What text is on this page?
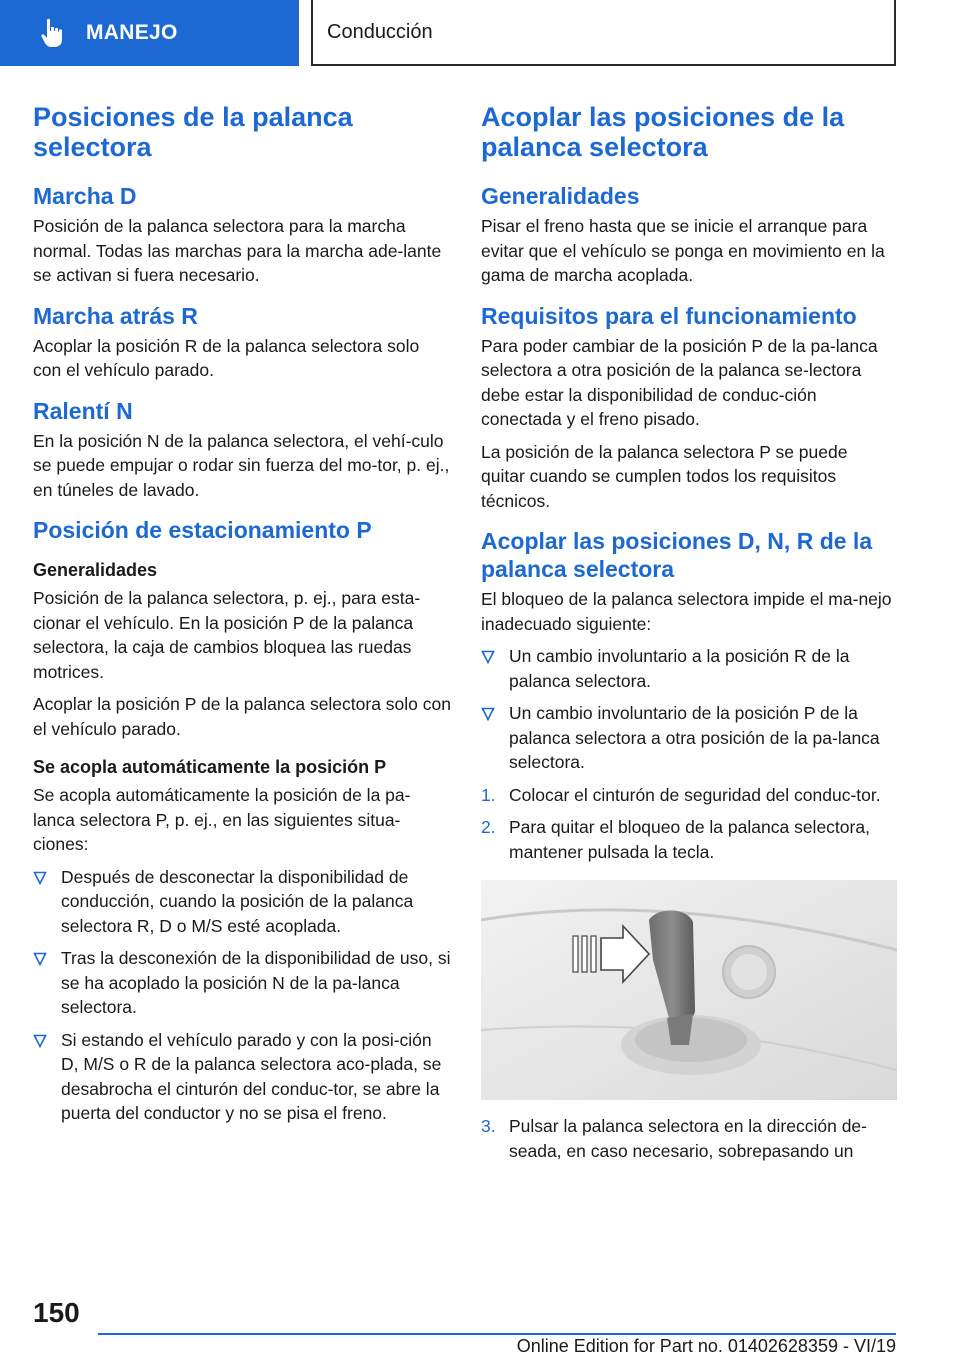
MANEJO	Conducción
Posiciones de la palanca selectora
Marcha D

Posición de la palanca selectora para la marcha normal. Todas las marchas para la marcha ade‐lante se activan si fuera necesario.

Marcha atrás R

Acoplar la posición R de la palanca selectora solo con el vehículo parado.

Ralentí N

En la posición N de la palanca selectora, el vehí‐culo se puede empujar o rodar sin fuerza del mo‐tor, p. ej., en túneles de lavado.

Posición de estacionamiento P
Generalidades

Posición de la palanca selectora, p. ej., para esta‐cionar el vehículo. En la posición P de la palanca selectora, la caja de cambios bloquea las ruedas motrices.

Acoplar la posición P de la palanca selectora solo con el vehículo parado.

Se acopla automáticamente la posición P

Se acopla automáticamente la posición de la pa‐lanca selectora P, p. ej., en las siguientes situa‐ciones:

Después de desconectar la disponibilidad de conducción, cuando la posición de la palanca selectora R, D o M/S esté acoplada.
Tras la desconexión de la disponibilidad de uso, si se ha acoplado la posición N de la pa‐lanca selectora.
Si estando el vehículo parado y con la posi‐ción D, M/S o R de la palanca selectora aco‐plada, se desabrocha el cinturón del conduc‐tor, se abre la puerta del conductor y no se pisa el freno.
Acoplar las posiciones de la palanca selectora
Generalidades

Pisar el freno hasta que se inicie el arranque para evitar que el vehículo se ponga en movimiento en la gama de marcha acoplada.

Requisitos para el funcionamiento

Para poder cambiar de la posición P de la pa‐lanca selectora a otra posición de la palanca se‐lectora debe estar la disponibilidad de conduc‐ción conectada y el freno pisado.

La posición de la palanca selectora P se puede quitar cuando se cumplen todos los requisitos técnicos.

Acoplar las posiciones D, N, R de la palanca selectora

El bloqueo de la palanca selectora impide el ma‐nejo inadecuado siguiente:

Un cambio involuntario a la posición R de la palanca selectora.
Un cambio involuntario de la posición P de la palanca selectora a otra posición de la pa‐lanca selectora.
1. Colocar el cinturón de seguridad del conduc‐tor.
2. Para quitar el bloqueo de la palanca selectora, mantener pulsada la tecla.
3. Pulsar la palanca selectora en la dirección de‐seada, en caso necesario, sobrepasando un
150
Online Edition for Part no. 01402628359 - VI/19
